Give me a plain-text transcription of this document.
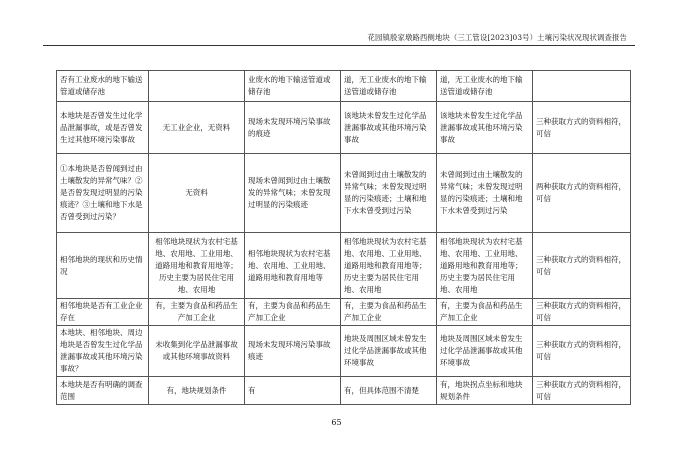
花园镇殷家墩路西侧地块（三工管设[2023]03号）土壤污染状况现状调查报告
否有工业废水的地下输送管道或储存池		业废水的地下输送管道或储存池	道，无工业废水的地下输送管道或储存池	道，无工业废水的地下输送管道或储存池	
本地块是否曾发生过化学品泄漏事故，或是否曾发生过其他环境污染事故	无工业企业，无资料	现场未发现环境污染事故的痕迹	该地块未曾发生过化学品泄漏事故或其他环境污染事故	该地块未曾发生过化学品泄漏事故或其他环境污染事故	三种获取方式的资料相符，可信
①本地块是否曾闻到过由土壤散发的异常气味？②是否曾发现过明显的污染痕迹？③土壤和地下水是否曾受到过污染？	无资料	现场未曾闻到过由土壤散发的异常气味；未曾发现过明显的污染痕迹	未曾闻到过由土壤散发的异常气味；未曾发现过明显的污染痕迹；土壤和地下水未曾受到过污染	未曾闻到过由土壤散发的异常气味；未曾发现过明显的污染痕迹；土壤和地下水未曾受到过污染	两种获取方式的资料相符，可信
相邻地块的现状和历史情况	相邻地块现状为农村宅基地、农用地、工业用地、道路用地和教育用地等；历史主要为居民住宅用地、农用地	相邻地块现状为农村宅基地、农用地、工业用地、道路用地和教育用地等	相邻地块现状为农村宅基地、农用地、工业用地、道路用地和教育用地等；历史主要为居民住宅用地、农用地	相邻地块现状为农村宅基地、农用地、工业用地、道路用地和教育用地等；历史主要为居民住宅用地、农用地	三种获取方式的资料相符，可信
相邻地块是否有工业企业存在	有，主要为食品和药品生产加工企业	有，主要为食品和药品生产加工企业	有，主要为食品和药品生产加工企业	有，主要为食品和药品生产加工企业	三种获取方式的资料相符，可信
本地块、相邻地块、周边地块是否曾发生过化学品泄漏事故或其他环境污染事故？	未收集到化学品泄漏事故或其他环境事故资料	现场未发现环境污染事故痕迹	地块及周围区域未曾发生过化学品泄漏事故或其他环境事故	地块及周围区域未曾发生过化学品泄漏事故或其他环境事故	三种获取方式的资料相符，可信
本地块是否有明确的调查范围	有，地块规划条件	有	有，但具体范围不清楚	有，地块拐点坐标和地块规划条件	三种获取方式的资料相符，可信
65
